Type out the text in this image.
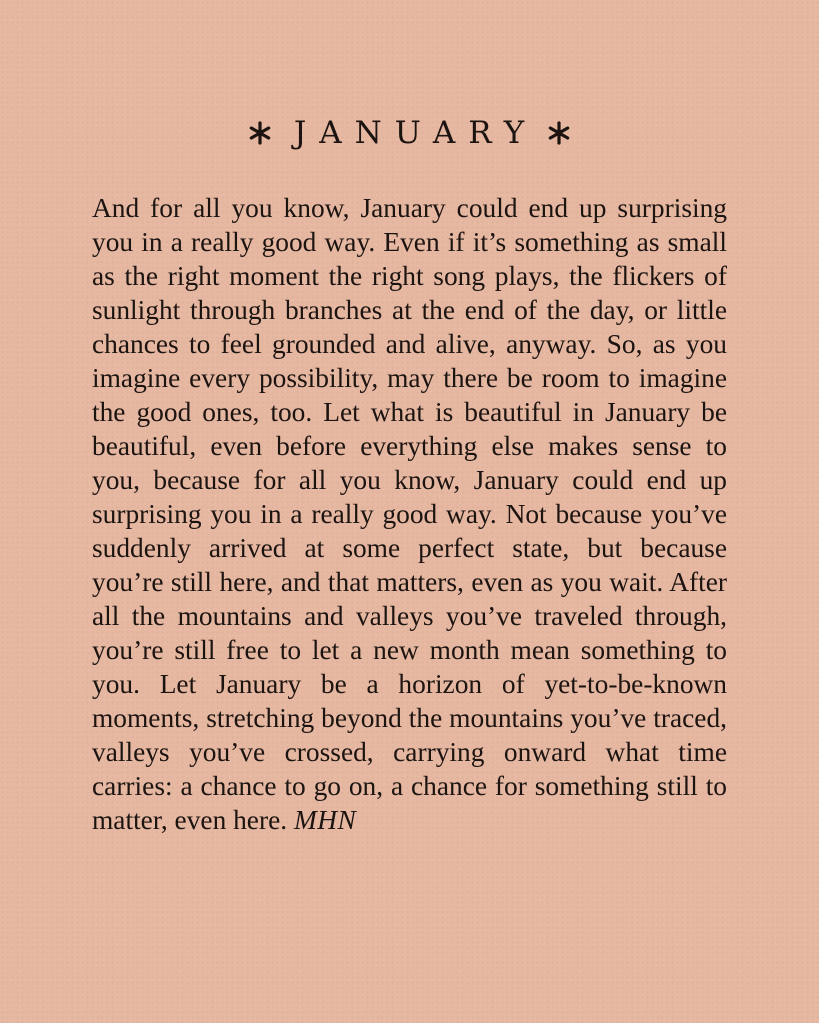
JANUARY

And for all you know, January could end up surprising you in a really good way. Even if it’s something as small as the right moment the right song plays, the flickers of sunlight through branches at the end of the day, or little chances to feel grounded and alive, anyway. So, as you imagine every possibility, may there be room to imagine the good ones, too. Let what is beautiful in January be beautiful, even before everything else makes sense to you, because for all you know, January could end up surprising you in a really good way. Not because you’ve suddenly arrived at some perfect state, but because you’re still here, and that matters, even as you wait. After all the mountains and valleys you’ve traveled through, you’re still free to let a new month mean something to you. Let January be a horizon of yet-to-be-known moments, stretching beyond the mountains you’ve traced, valleys you’ve crossed, carrying onward what time carries: a chance to go on, a chance for something still to matter, even here. MHN
